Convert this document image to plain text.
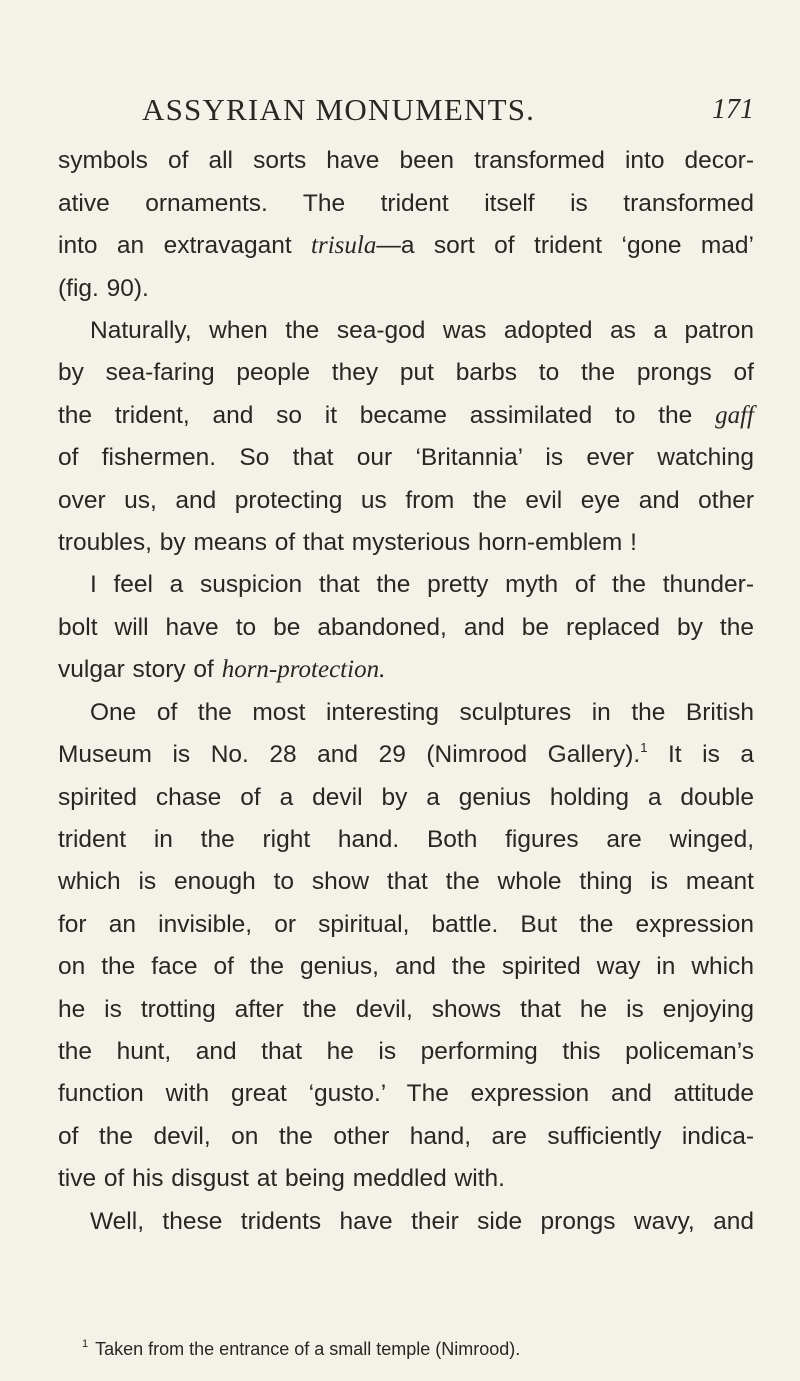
ASSYRIAN MONUMENTS.	171
symbols of all sorts have been transformed into decor-
ative ornaments. The trident itself is transformed
into an extravagant trisula—a sort of trident ‘gone mad’
(fig. 90).
Naturally, when the sea-god was adopted as a patron
by sea-faring people they put barbs to the prongs of
the trident, and so it became assimilated to the gaff
of fishermen. So that our ‘Britannia’ is ever watching
over us, and protecting us from the evil eye and other
troubles, by means of that mysterious horn-emblem !
I feel a suspicion that the pretty myth of the thunder-
bolt will have to be abandoned, and be replaced by the
vulgar story of horn-protection.
One of the most interesting sculptures in the British
Museum is No. 28 and 29 (Nimrood Gallery).$^1$ It is a
spirited chase of a devil by a genius holding a double
trident in the right hand. Both figures are winged,
which is enough to show that the whole thing is meant
for an invisible, or spiritual, battle. But the expression
on the face of the genius, and the spirited way in which
he is trotting after the devil, shows that he is enjoying
the hunt, and that he is performing this policeman’s
function with great ‘gusto.’ The expression and attitude
of the devil, on the other hand, are sufficiently indica-
tive of his disgust at being meddled with.
Well, these tridents have their side prongs wavy, and
$^1$ Taken from the entrance of a small temple (Nimrood).
